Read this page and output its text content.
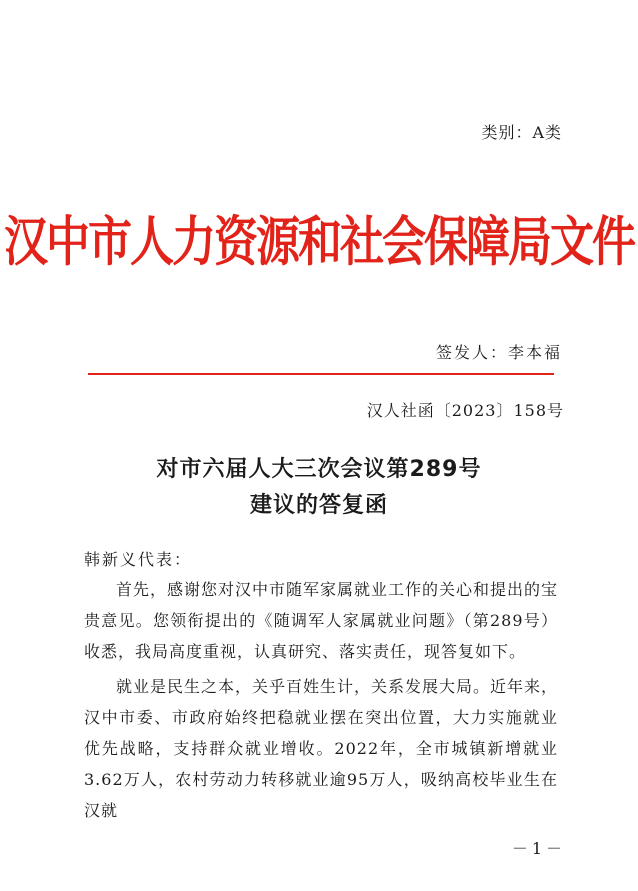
类别：A类
汉中市人力资源和社会保障局文件
签发人：李本福
汉人社函〔2023〕158号
对市六届人大三次会议第289号
建议的答复函
韩新义代表：
首先，感谢您对汉中市随军家属就业工作的关心和提出的宝贵意见。您领衔提出的《随调军人家属就业问题》（第289号）收悉，我局高度重视，认真研究、落实责任，现答复如下。
就业是民生之本，关乎百姓生计，关系发展大局。近年来，汉中市委、市政府始终把稳就业摆在突出位置，大力实施就业优先战略，支持群众就业增收。2022年，全市城镇新增就业3.62万人，农村劳动力转移就业逾95万人，吸纳高校毕业生在汉就
－1－
